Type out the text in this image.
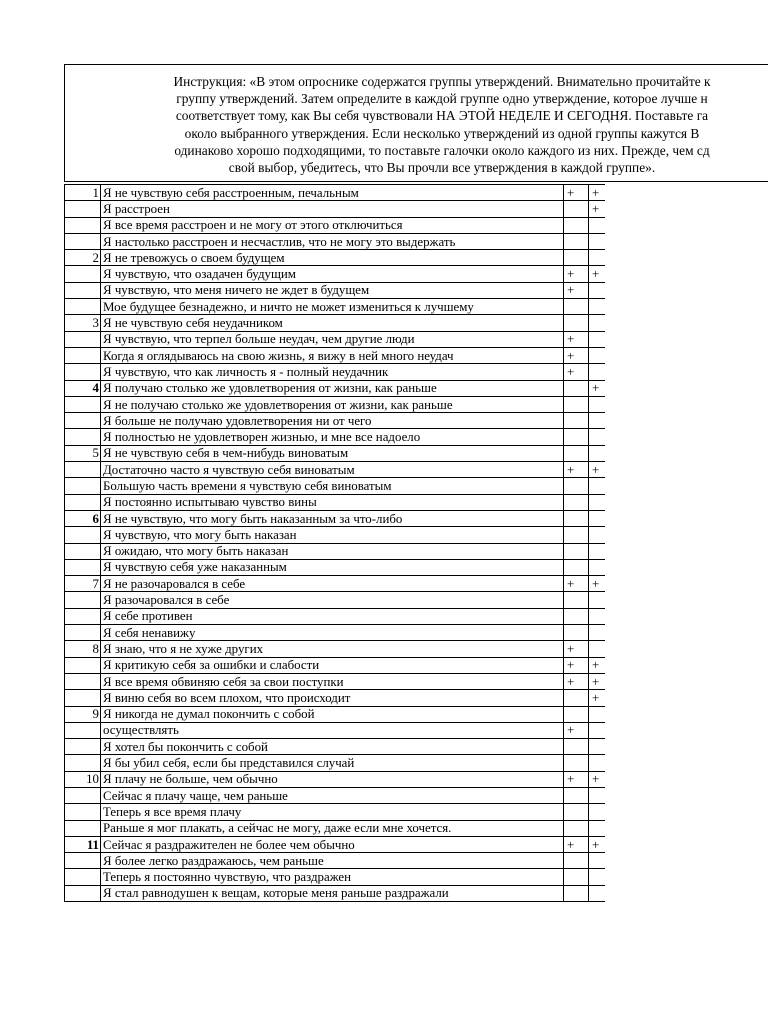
Инструкция: «В этом опроснике содержатся группы утверждений. Внимательно прочитайте к
группу утверждений. Затем определите в каждой группе одно утверждение, которое лучше н
соответствует тому, как Вы себя чувствовали НА ЭТОЙ НЕДЕЛЕ И СЕГОДНЯ. Поставьте га
около выбранного утверждения. Если несколько утверждений из одной группы кажутся В
одинаково хорошо подходящими, то поставьте галочки около каждого из них. Прежде, чем сд
свой выбор, убедитесь, что Вы прочли все утверждения в каждой группе».
1	Я не чувствую себя расстроенным, печальным	+	+
	Я расстроен		+
	Я все время расстроен и не могу от этого отключиться		
	Я настолько расстроен и несчастлив, что не могу это выдержать		
2	Я не тревожусь о своем будущем		
	Я чувствую, что озадачен будущим	+	+
	Я чувствую, что меня ничего не ждет в будущем	+	
	Мое будущее безнадежно, и ничто не может измениться к лучшему		
3	Я не чувствую себя неудачником		
	Я чувствую, что терпел больше неудач, чем другие люди	+	
	Когда я оглядываюсь на свою жизнь, я вижу в ней много неудач	+	
	Я чувствую, что как личность я - полный неудачник	+	
4	Я получаю столько же удовлетворения от жизни, как раньше		+
	Я не получаю столько же удовлетворения от жизни, как раньше		
	Я больше не получаю удовлетворения ни от чего		
	Я полностью не удовлетворен жизнью, и мне все надоело		
5	Я не чувствую себя в чем-нибудь виноватым		
	Достаточно часто я чувствую себя виноватым	+	+
	Большую часть времени я чувствую себя виноватым		
	Я постоянно испытываю чувство вины		
6	Я не чувствую, что могу быть наказанным за что-либо		
	Я чувствую, что могу быть наказан		
	Я ожидаю, что могу быть наказан		
	Я чувствую себя уже наказанным		
7	Я не разочаровался в себе	+	+
	Я разочаровался в себе		
	Я себе противен		
	Я себя ненавижу		
8	Я знаю, что я не хуже других	+	
	Я критикую себя за ошибки и слабости	+	+
	Я все время обвиняю себя за свои поступки	+	+
	Я виню себя во всем плохом, что происходит		+
9	Я никогда не думал покончить с собой		
	осуществлять	+	
	Я хотел бы покончить с собой		
	Я бы убил себя, если бы представился случай		
10	Я плачу не больше, чем обычно	+	+
	Сейчас я плачу чаще, чем раньше		
	Теперь я все время плачу		
	Раньше я мог плакать, а сейчас не могу, даже если мне хочется.		
11	Сейчас я раздражителен не более чем обычно	+	+
	Я более легко раздражаюсь, чем раньше		
	Теперь я постоянно чувствую, что раздражен		
	Я стал равнодушен к вещам, которые меня раньше раздражали		
